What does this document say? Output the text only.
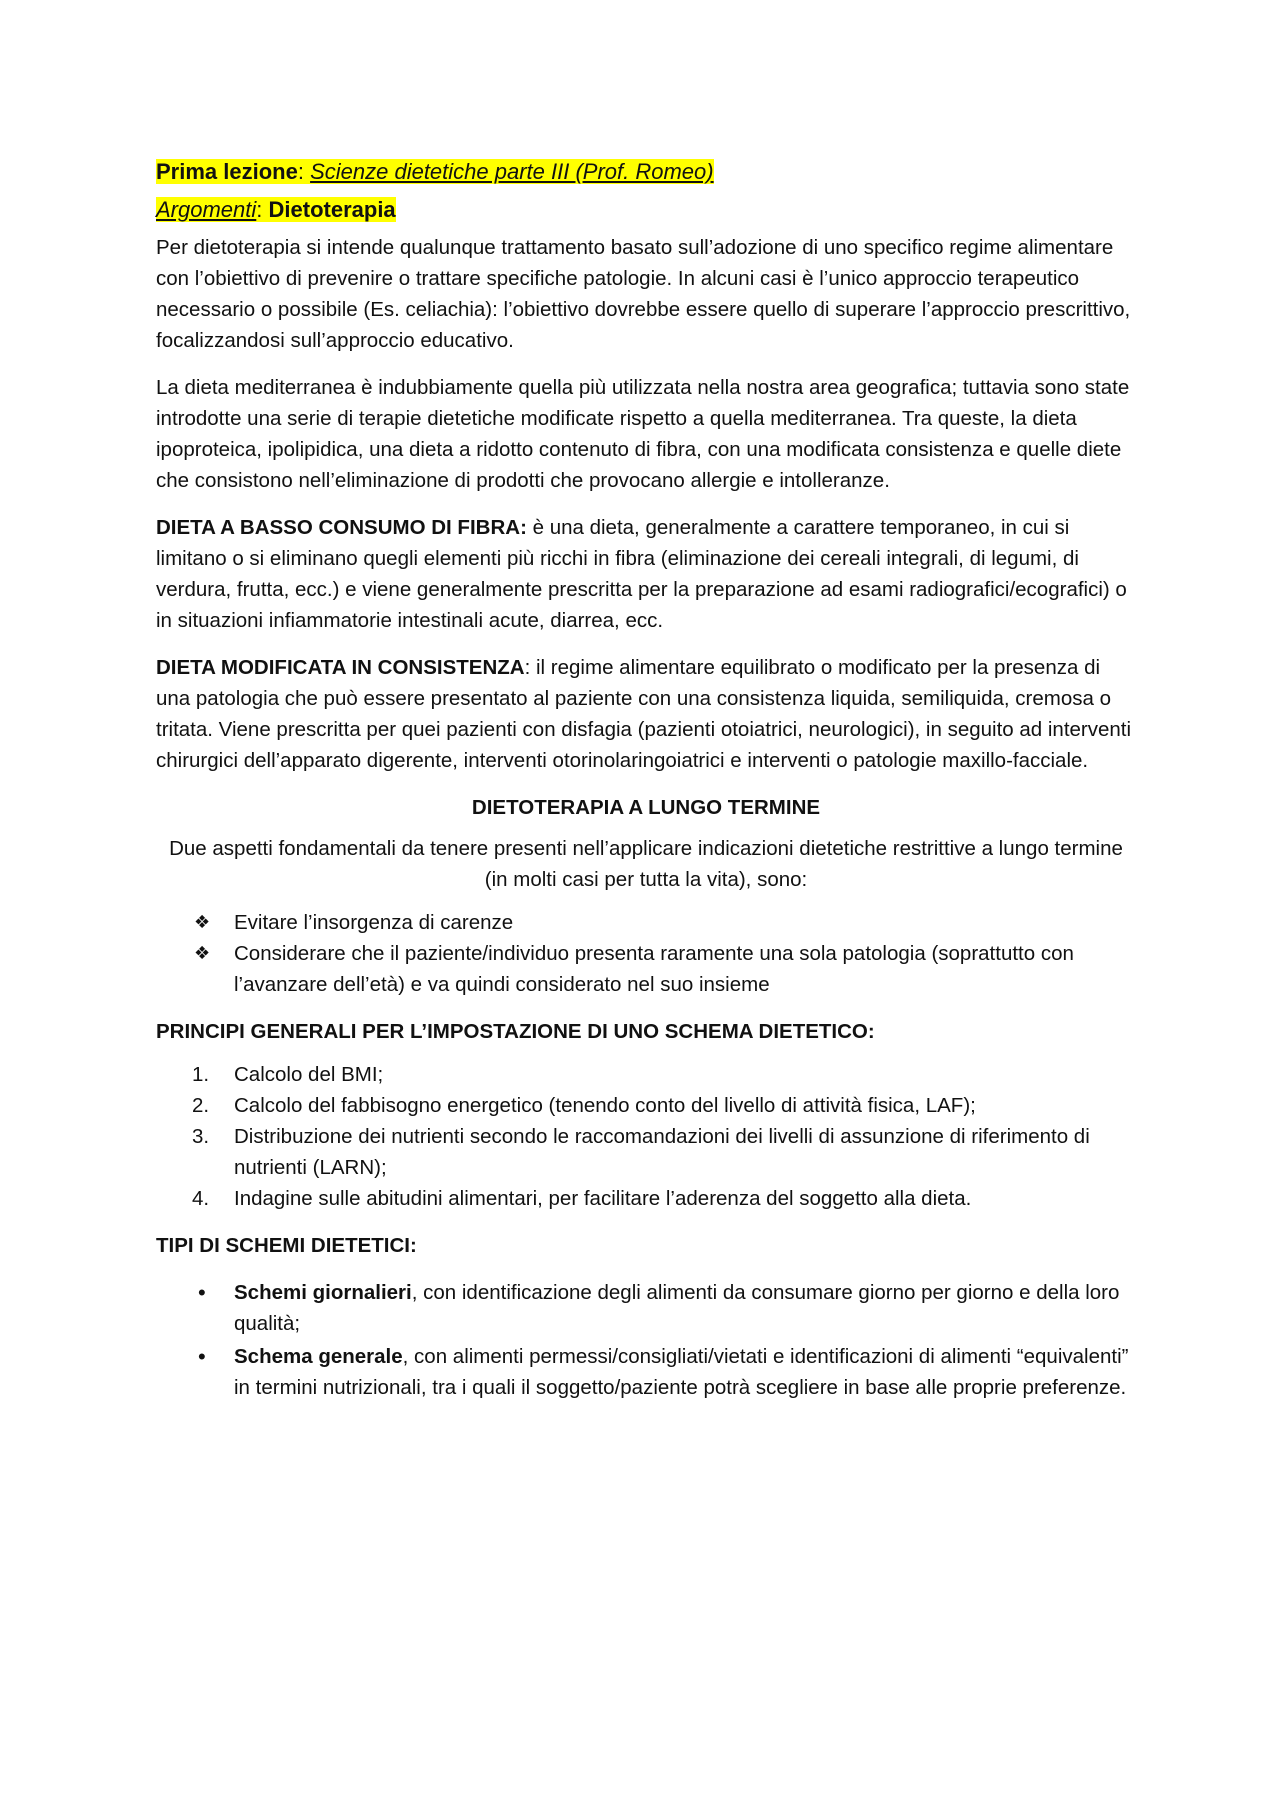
Prima lezione: Scienze dietetiche parte III (Prof. Romeo)
Argomenti: Dietoterapia

Per dietoterapia si intende qualunque trattamento basato sull’adozione di uno specifico regime alimentare con l’obiettivo di prevenire o trattare specifiche patologie. In alcuni casi è l’unico approccio terapeutico necessario o possibile (Es. celiachia): l’obiettivo dovrebbe essere quello di superare l’approccio prescrittivo, focalizzandosi sull’approccio educativo.

La dieta mediterranea è indubbiamente quella più utilizzata nella nostra area geografica; tuttavia sono state introdotte una serie di terapie dietetiche modificate rispetto a quella mediterranea. Tra queste, la dieta ipoproteica, ipolipidica, una dieta a ridotto contenuto di fibra, con una modificata consistenza e quelle diete che consistono nell’eliminazione di prodotti che provocano allergie e intolleranze.

DIETA A BASSO CONSUMO DI FIBRA: è una dieta, generalmente a carattere temporaneo, in cui si limitano o si eliminano quegli elementi più ricchi in fibra (eliminazione dei cereali integrali, di legumi, di verdura, frutta, ecc.) e viene generalmente prescritta per la preparazione ad esami radiografici/ecografici) o in situazioni infiammatorie intestinali acute, diarrea, ecc.

DIETA MODIFICATA IN CONSISTENZA: il regime alimentare equilibrato o modificato per la presenza di una patologia che può essere presentato al paziente con una consistenza liquida, semiliquida, cremosa o tritata. Viene prescritta per quei pazienti con disfagia (pazienti otoiatrici, neurologici), in seguito ad interventi chirurgici dell’apparato digerente, interventi otorinolaringoiatrici e interventi o patologie maxillo-facciale.

DIETOTERAPIA A LUNGO TERMINE

Due aspetti fondamentali da tenere presenti nell’applicare indicazioni dietetiche restrittive a lungo termine (in molti casi per tutta la vita), sono:

❖	Evitare l’insorgenza di carenze
❖	Considerare che il paziente/individuo presenta raramente una sola patologia (soprattutto con l’avanzare dell’età) e va quindi considerato nel suo insieme
PRINCIPI GENERALI PER L’IMPOSTAZIONE DI UNO SCHEMA DIETETICO:
1.	Calcolo del BMI;
2.	Calcolo del fabbisogno energetico (tenendo conto del livello di attività fisica, LAF);
3.	Distribuzione dei nutrienti secondo le raccomandazioni dei livelli di assunzione di riferimento di nutrienti (LARN);
4.	Indagine sulle abitudini alimentari, per facilitare l’aderenza del soggetto alla dieta.
TIPI DI SCHEMI DIETETICI:
•	Schemi giornalieri, con identificazione degli alimenti da consumare giorno per giorno e della loro qualità;
•	Schema generale, con alimenti permessi/consigliati/vietati e identificazioni di alimenti “equivalenti” in termini nutrizionali, tra i quali il soggetto/paziente potrà scegliere in base alle proprie preferenze.
